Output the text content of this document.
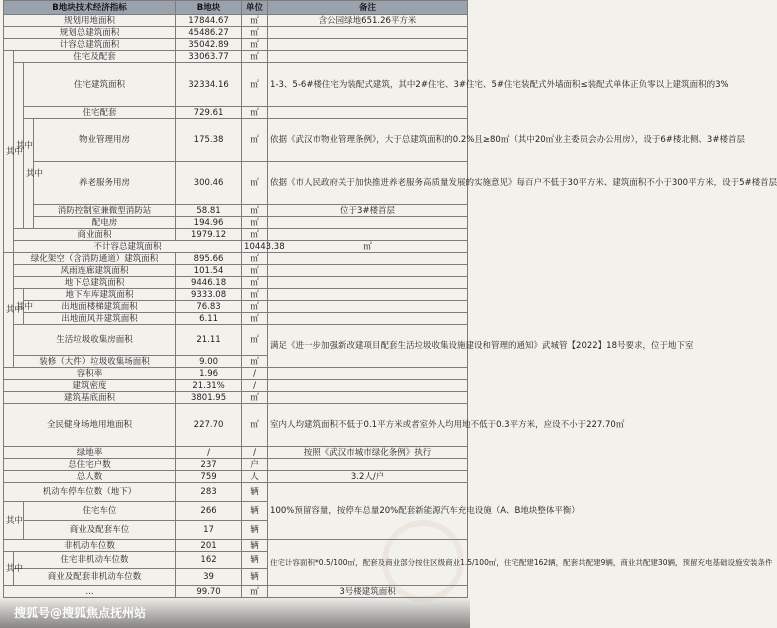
B地块技术经济指标				B地块	单位	备注	
规划用地面积				17844.67	㎡	含公园绿地651.26平方米	
规划总建筑面积				45486.27	㎡		
计容总建筑面积				35042.89	㎡		
其中	住宅及配套			33063.77	㎡		
	其中	住宅建筑面积		32334.16	㎡	1-3、5-6#楼住宅为装配式建筑，其中2#住宅、3#住宅、5#住宅装配式外墙面积≤装配式单体正负零以上建筑面积的3%	
		住宅配套		729.61	㎡		
		其中	物业管理用房	175.38	㎡	依据《武汉市物业管理条例》，大于总建筑面积的0.2%且≥80㎡（其中20㎡业主委员会办公用房），设于6#楼北侧、3#楼首层	
			养老服务用房	300.46	㎡	依据《市人民政府关于加快推进养老服务高质量发展的实施意见》每百户不低于30平方米、建筑面积不小于300平方米，设于5#楼首层	
			消防控制室兼微型消防站	58.81	㎡	位于3#楼首层	
			配电房	194.96	㎡		
	商业面积			1979.12	㎡		
	不计容总建筑面积				10443.38	㎡	
其中	绿化架空（含消防通道）建筑面积			895.66	㎡		
	风雨连廊建筑面积			101.54	㎡		
	地下总建筑面积			9446.18	㎡		
	其中	地下车库建筑面积		9333.08	㎡		
		出地面楼梯建筑面积		76.83	㎡		
		出地面风井建筑面积		6.11	㎡		
	生活垃圾收集房面积			21.11	㎡	满足《进一步加强新改建项目配套生活垃圾收集设施建设和管理的通知》武城管【2022】18号要求，位于地下室	
	装修（大件）垃圾收集场面积			9.00	㎡		
容积率				1.96	/		
建筑密度				21.31%	/		
建筑基底面积				3801.95	㎡		
全民健身场地用地面积				227.70	㎡	室内人均建筑面积不低于0.1平方米或者室外人均用地不低于0.3平方米，应设不小于227.70㎡	
绿地率				/	/	按照《武汉市城市绿化条例》执行	
总住宅户数				237	户		
总人数				759	人	3.2人/户	
机动车停车位数（地下）				283	辆	100%预留容量，按停车总量20%配套新能源汽车充电设施（A、B地块整体平衡）	
其中		住宅车位		266	辆		
		商业及配套车位		17	辆		
非机动车位数				201	辆	住宅计容面积*0.5/100㎡，配套及商业部分按住区级商业1.5/100㎡，住宅配建162辆，配套共配建9辆，商业共配建30辆，预留充电基础设施安装条件	
其中	住宅非机动车位数			162	辆		
	商业及配套非机动车位数			39	辆		
...				99.70	㎡	3号楼建筑面积	
搜狐号@搜狐焦点抚州站
